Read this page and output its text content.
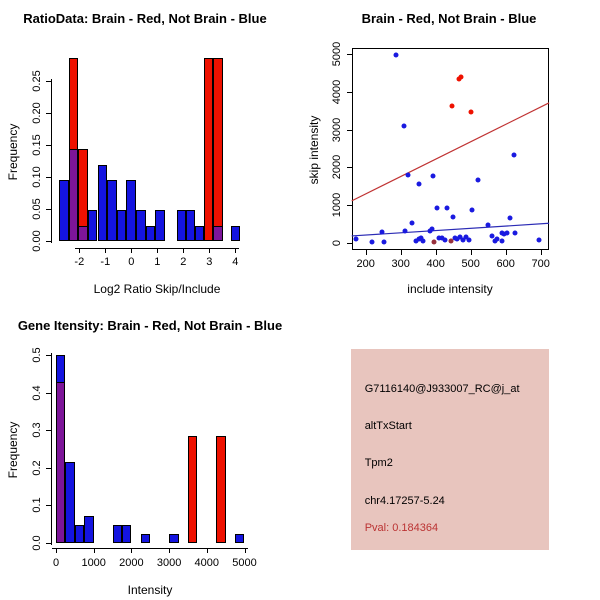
RatioData: Brain - Red, Not Brain - Blue	Brain - Red, Not Brain - Blue
Gene Itensity: Brain - Red, Not Brain - Blue
Log2 Ratio Skip/Include	include intensity
Intensity
Frequency	skip intensity
Frequency
-2 -1 0 1 2 3 4
0.00
0.05
0.10
0.15
0.20
0.25
200 300 400 500 600 700
0
1000
2000
3000
4000
5000
0 1000 2000 3000 4000 5000
0.0
0.1
0.2
0.3
0.4
0.5
G7116140@J933007_RC@j_at
altTxStart
Tpm2
chr4.17257-5.24
Pval: 0.184364
